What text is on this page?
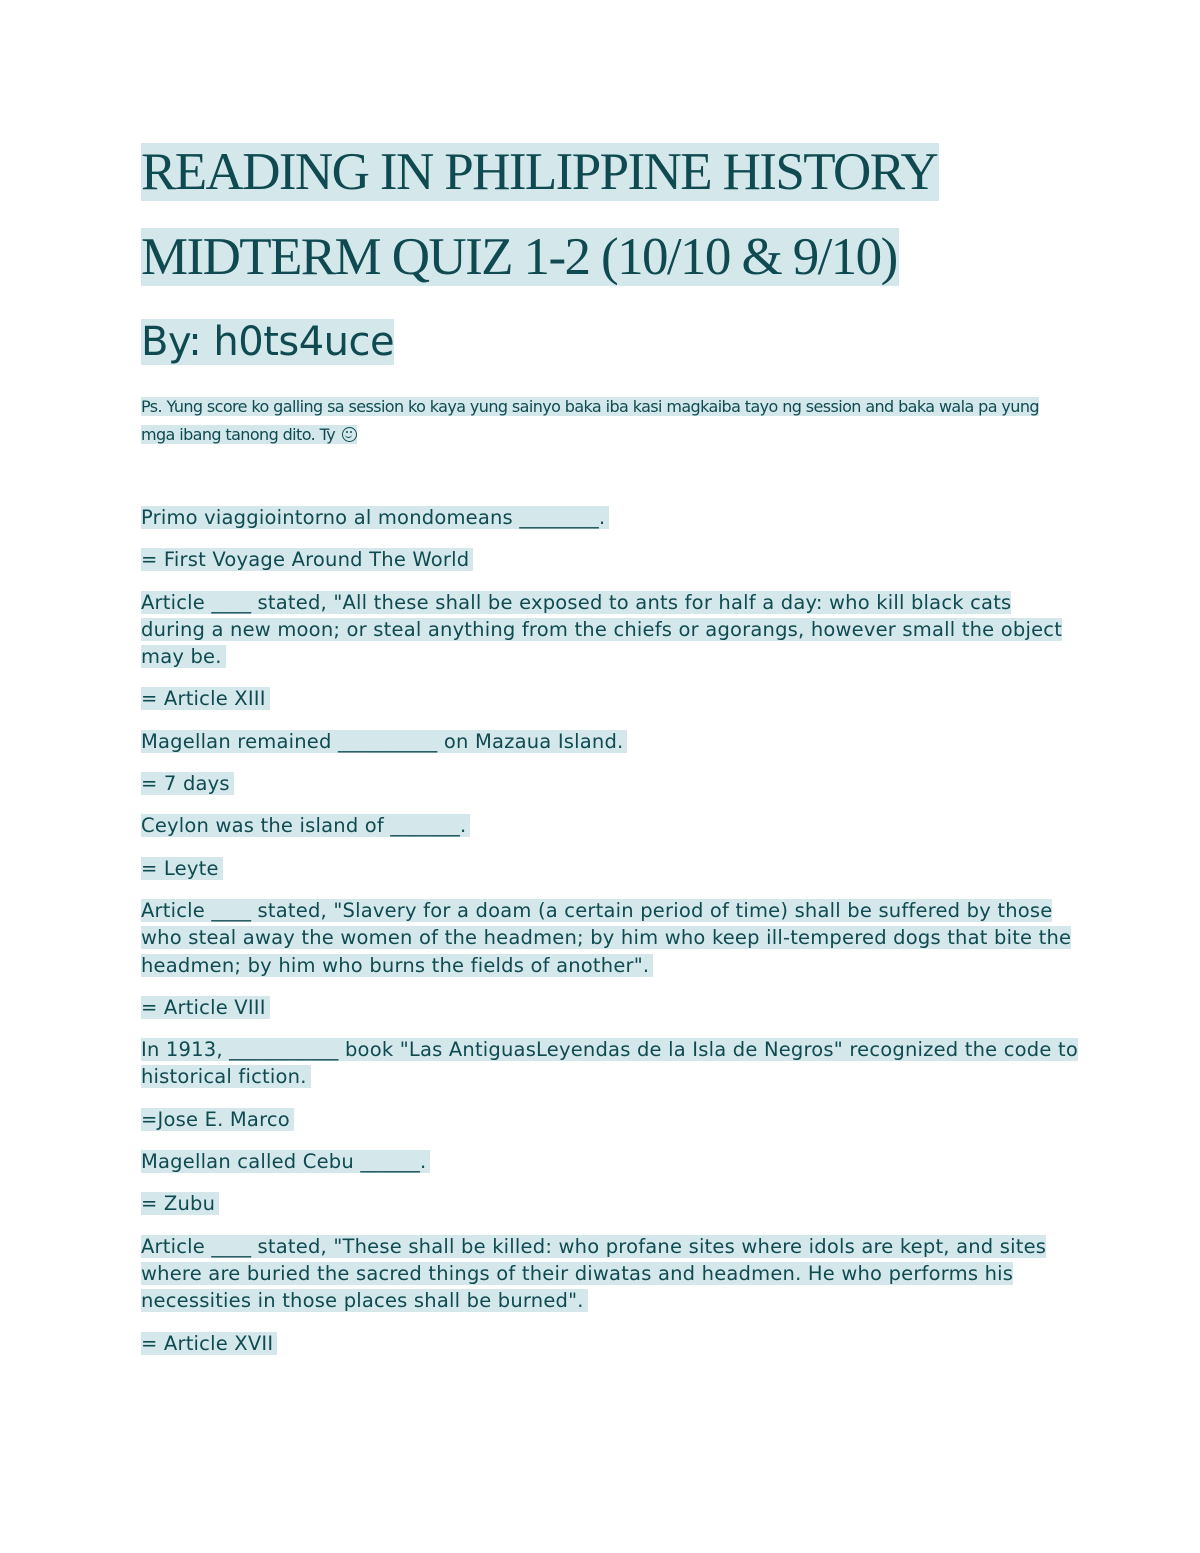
READING IN PHILIPPINE HISTORY
MIDTERM QUIZ 1-2 (10/10 & 9/10)
By: h0ts4uce
Ps. Yung score ko galling sa session ko kaya yung sainyo baka iba kasi magkaiba tayo ng session and baka wala pa yung mga ibang tanong dito. Ty
Primo viaggiointorno al mondomeans ________.
= First Voyage Around The World
Article ____ stated, "All these shall be exposed to ants for half a day: who kill black cats during a new moon; or steal anything from the chiefs or agorangs, however small the object may be.
= Article XIII
Magellan remained __________ on Mazaua Island.
= 7 days
Ceylon was the island of _______.
= Leyte
Article ____ stated, "Slavery for a doam (a certain period of time) shall be suffered by those who steal away the women of the headmen; by him who keep ill-tempered dogs that bite the headmen; by him who burns the fields of another".
= Article VIII
In 1913, ___________ book "Las AntiguasLeyendas de la Isla de Negros" recognized the code to historical fiction.
=Jose E. Marco
Magellan called Cebu ______.
= Zubu
Article ____ stated, "These shall be killed: who profane sites where idols are kept, and sites where are buried the sacred things of their diwatas and headmen. He who performs his necessities in those places shall be burned".
= Article XVII
